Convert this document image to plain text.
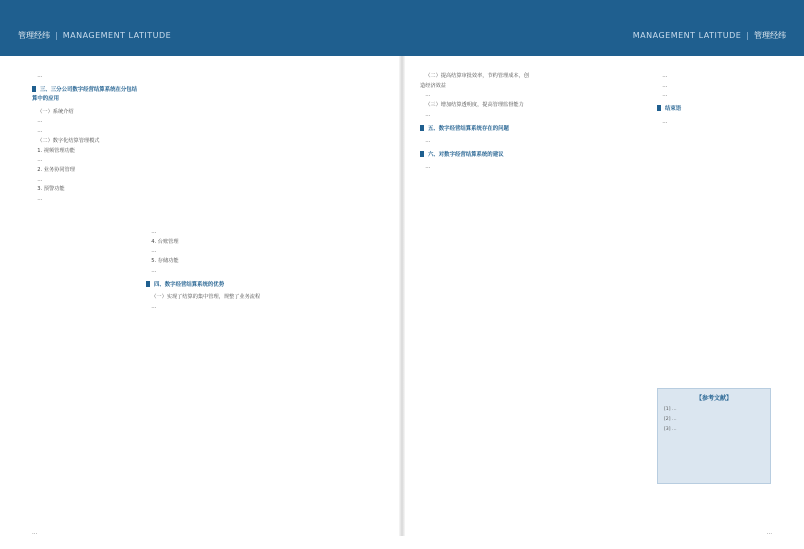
管理经纬 | MANAGEMENT LATITUDE	MANAGEMENT LATITUDE | 管理经纬

…

三、三分公司数字经营结算系统在分包结算中的应用

（一）系统介绍

…

…

（二）数字化结算管理模式

1. 视频管理功能

…

2. 业务协同管理

…

3. 预警功能

…

…

4. 台账管理

…

5. 存储功能

…

四、数字经营结算系统的优势

（一）实现了结算的集中管理，规整了业务流程

…

（二）提高结算审批效率，节约管理成本，创造经济效益

…

（三）增加结算透明度，提高管理监督能力

…

五、数字经营结算系统存在的问题

…

六、对数字经营结算系统的建议

…

…

…

…

结束语

…

【参考文献】
[1] …
[2] …
[3] …
…	…
